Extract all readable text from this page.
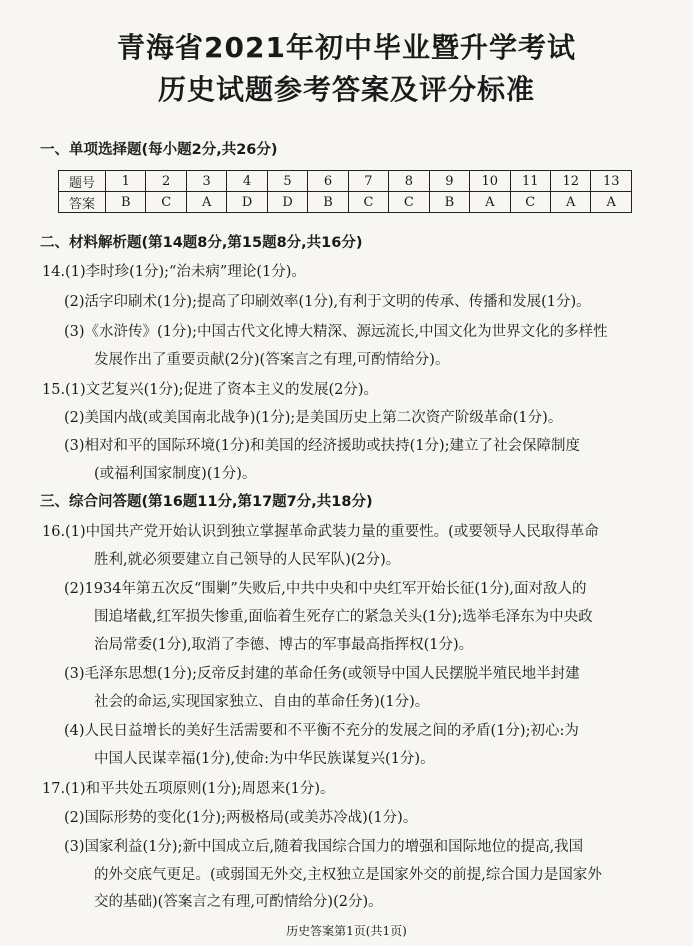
青海省2021年初中毕业暨升学考试
历史试题参考答案及评分标准
一、单项选择题(每小题2分,共26分)
题号	1	2	3	4	5	6	7	8	9	10	11	12	13
答案	B	C	A	D	D	B	C	C	B	A	C	A	A
二、材料解析题(第14题8分,第15题8分,共16分)
14.(1)李时珍(1分);“治未病”理论(1分)。
(2)活字印刷术(1分);提高了印刷效率(1分),有利于文明的传承、传播和发展(1分)。
(3)《水浒传》(1分);中国古代文化博大精深、源远流长,中国文化为世界文化的多样性
发展作出了重要贡献(2分)(答案言之有理,可酌情给分)。
15.(1)文艺复兴(1分);促进了资本主义的发展(2分)。
(2)美国内战(或美国南北战争)(1分);是美国历史上第二次资产阶级革命(1分)。
(3)相对和平的国际环境(1分)和美国的经济援助或扶持(1分);建立了社会保障制度
(或福利国家制度)(1分)。
三、综合问答题(第16题11分,第17题7分,共18分)
16.(1)中国共产党开始认识到独立掌握革命武装力量的重要性。(或要领导人民取得革命
胜利,就必须要建立自己领导的人民军队)(2分)。
(2)1934年第五次反“围剿”失败后,中共中央和中央红军开始长征(1分),面对敌人的
围追堵截,红军损失惨重,面临着生死存亡的紧急关头(1分);选举毛泽东为中央政
治局常委(1分),取消了李德、博古的军事最高指挥权(1分)。
(3)毛泽东思想(1分);反帝反封建的革命任务(或领导中国人民摆脱半殖民地半封建
社会的命运,实现国家独立、自由的革命任务)(1分)。
(4)人民日益增长的美好生活需要和不平衡不充分的发展之间的矛盾(1分);初心:为
中国人民谋幸福(1分),使命:为中华民族谋复兴(1分)。
17.(1)和平共处五项原则(1分);周恩来(1分)。
(2)国际形势的变化(1分);两极格局(或美苏冷战)(1分)。
(3)国家利益(1分);新中国成立后,随着我国综合国力的增强和国际地位的提高,我国
的外交底气更足。(或弱国无外交,主权独立是国家外交的前提,综合国力是国家外
交的基础)(答案言之有理,可酌情给分)(2分)。
历史答案第1页(共1页)
